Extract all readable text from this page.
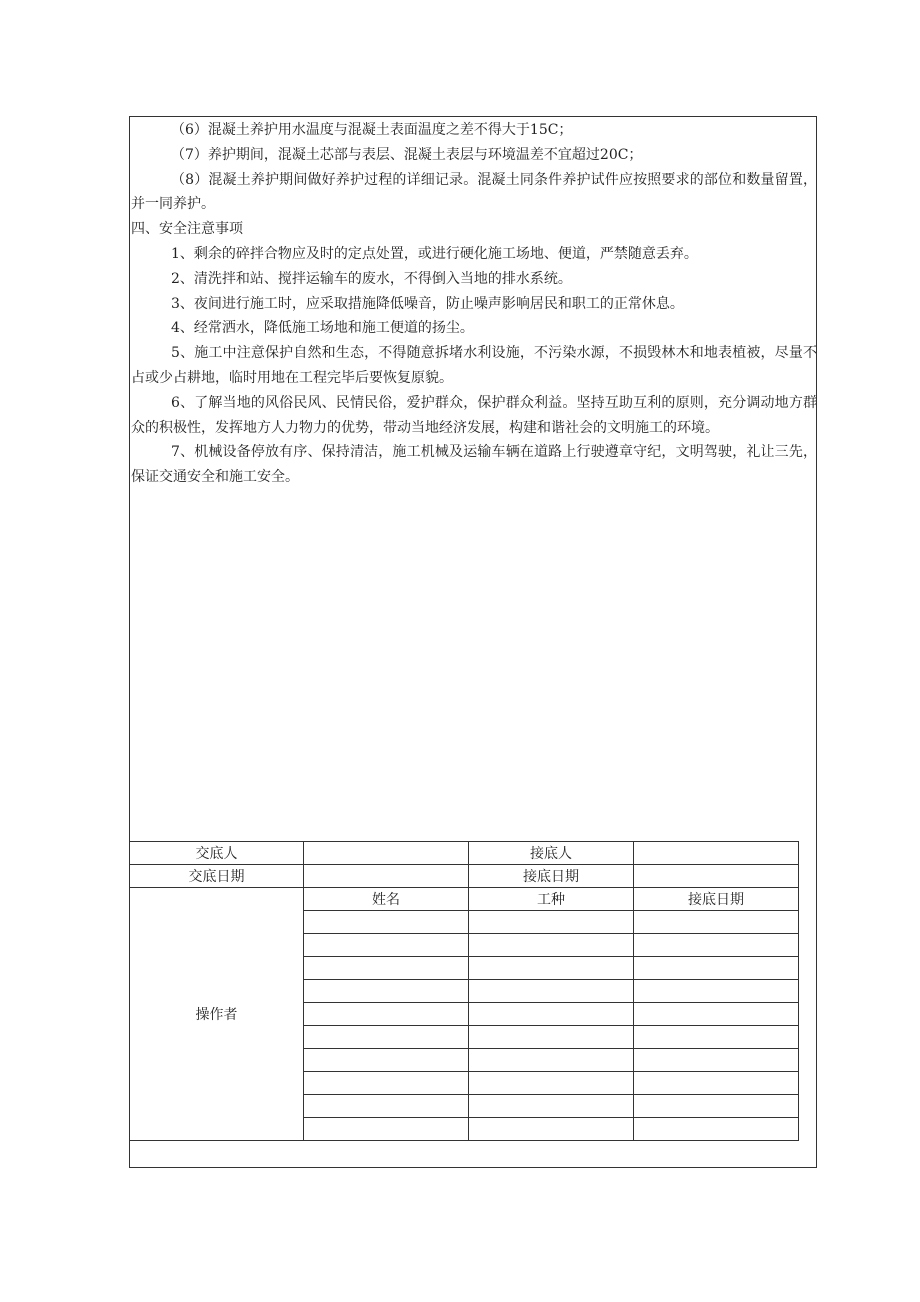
（6）混凝土养护用水温度与混凝土表面温度之差不得大于15C；

（7）养护期间，混凝土芯部与表层、混凝土表层与环境温差不宜超过20C；

（8）混凝土养护期间做好养护过程的详细记录。混凝土同条件养护试件应按照要求的部位和数量留置，并一同养护。

四、安全注意事项

1、剩余的碎拌合物应及时的定点处置，或进行硬化施工场地、便道，严禁随意丢弃。

2、清洗拌和站、搅拌运输车的废水，不得倒入当地的排水系统。

3、夜间进行施工时，应采取措施降低噪音，防止噪声影响居民和职工的正常休息。

4、经常洒水，降低施工场地和施工便道的扬尘。

5、施工中注意保护自然和生态，不得随意拆堵水利设施，不污染水源，不损毁林木和地表植被，尽量不占或少占耕地，临时用地在工程完毕后要恢复原貌。

6、了解当地的风俗民风、民情民俗，爱护群众，保护群众利益。坚持互助互利的原则，充分调动地方群众的积极性，发挥地方人力物力的优势，带动当地经济发展，构建和谐社会的文明施工的环境。

7、机械设备停放有序、保持清洁，施工机械及运输车辆在道路上行驶遵章守纪，文明驾驶，礼让三先，保证交通安全和施工安全。

交底人		接底人	
交底日期		接底日期	
操作者	姓名	工种	接底日期
